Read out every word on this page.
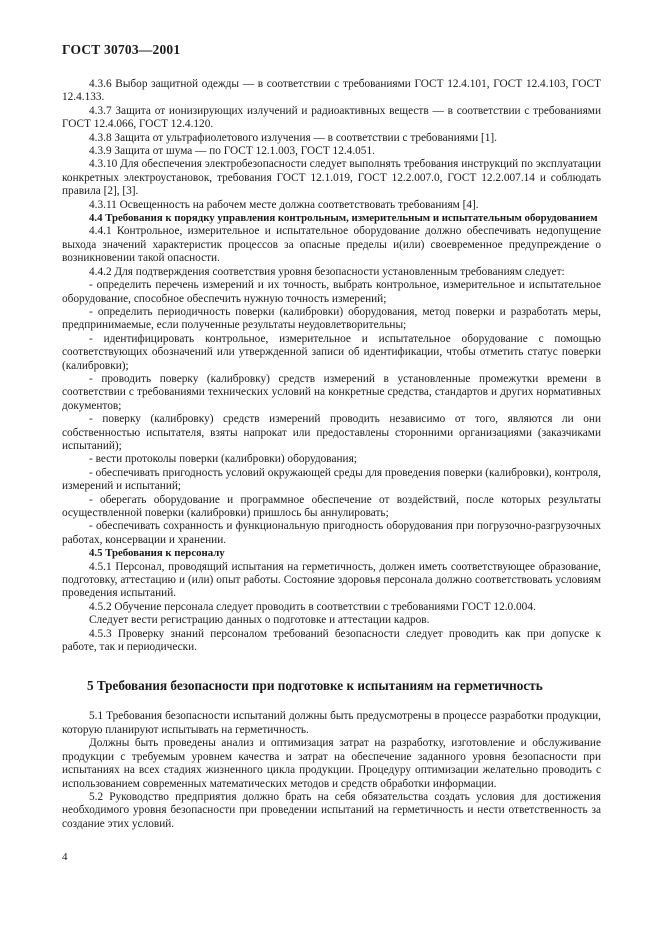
ГОСТ 30703—2001

4.3.6 Выбор защитной одежды — в соответствии с требованиями ГОСТ 12.4.101, ГОСТ 12.4.103, ГОСТ 12.4.133.

4.3.7 Защита от ионизирующих излучений и радиоактивных веществ — в соответствии с требованиями ГОСТ 12.4.066, ГОСТ 12.4.120.

4.3.8 Защита от ультрафиолетового излучения — в соответствии с требованиями [1].

4.3.9 Защита от шума — по ГОСТ 12.1.003, ГОСТ 12.4.051.

4.3.10 Для обеспечения электробезопасности следует выполнять требования инструкций по эксплуатации конкретных электроустановок, требования ГОСТ 12.1.019, ГОСТ 12.2.007.0, ГОСТ 12.2.007.14 и соблюдать правила [2], [3].

4.3.11 Освещенность на рабочем месте должна соответствовать требованиям [4].

4.4 Требования к порядку управления контрольным, измерительным и испытательным оборудованием

4.4.1 Контрольное, измерительное и испытательное оборудование должно обеспечивать недопущение выхода значений характеристик процессов за опасные пределы и(или) своевременное предупреждение о возникновении такой опасности.

4.4.2 Для подтверждения соответствия уровня безопасности установленным требованиям следует:

- определить перечень измерений и их точность, выбрать контрольное, измерительное и испытательное оборудование, способное обеспечить нужную точность измерений;

- определить периодичность поверки (калибровки) оборудования, метод поверки и разработать меры, предпринимаемые, если полученные результаты неудовлетворительны;

- идентифицировать контрольное, измерительное и испытательное оборудование с помощью соответствующих обозначений или утвержденной записи об идентификации, чтобы отметить статус поверки (калибровки);

- проводить поверку (калибровку) средств измерений в установленные промежутки времени в соответствии с требованиями технических условий на конкретные средства, стандартов и других нормативных документов;

- поверку (калибровку) средств измерений проводить независимо от того, являются ли они собственностью испытателя, взяты напрокат или предоставлены сторонними организациями (заказчиками испытаний);

- вести протоколы поверки (калибровки) оборудования;

- обеспечивать пригодность условий окружающей среды для проведения поверки (калибровки), контроля, измерений и испытаний;

- оберегать оборудование и программное обеспечение от воздействий, после которых результаты осуществленной поверки (калибровки) пришлось бы аннулировать;

- обеспечивать сохранность и функциональную пригодность оборудования при погрузочно-разгрузочных работах, консервации и хранении.

4.5 Требования к персоналу

4.5.1 Персонал, проводящий испытания на герметичность, должен иметь соответствующее образование, подготовку, аттестацию и (или) опыт работы. Состояние здоровья персонала должно соответствовать условиям проведения испытаний.

4.5.2 Обучение персонала следует проводить в соответствии с требованиями ГОСТ 12.0.004.

Следует вести регистрацию данных о подготовке и аттестации кадров.

4.5.3 Проверку знаний персоналом требований безопасности следует проводить как при допуске к работе, так и периодически.

5 Требования безопасности при подготовке к испытаниям на герметичность

5.1 Требования безопасности испытаний должны быть предусмотрены в процессе разработки продукции, которую планируют испытывать на герметичность.

Должны быть проведены анализ и оптимизация затрат на разработку, изготовление и обслуживание продукции с требуемым уровнем качества и затрат на обеспечение заданного уровня безопасности при испытаниях на всех стадиях жизненного цикла продукции. Процедуру оптимизации желательно проводить с использованием современных математических методов и средств обработки информации.

5.2 Руководство предприятия должно брать на себя обязательства создать условия для достижения необходимого уровня безопасности при проведении испытаний на герметичность и нести ответственность за создание этих условий.

4
